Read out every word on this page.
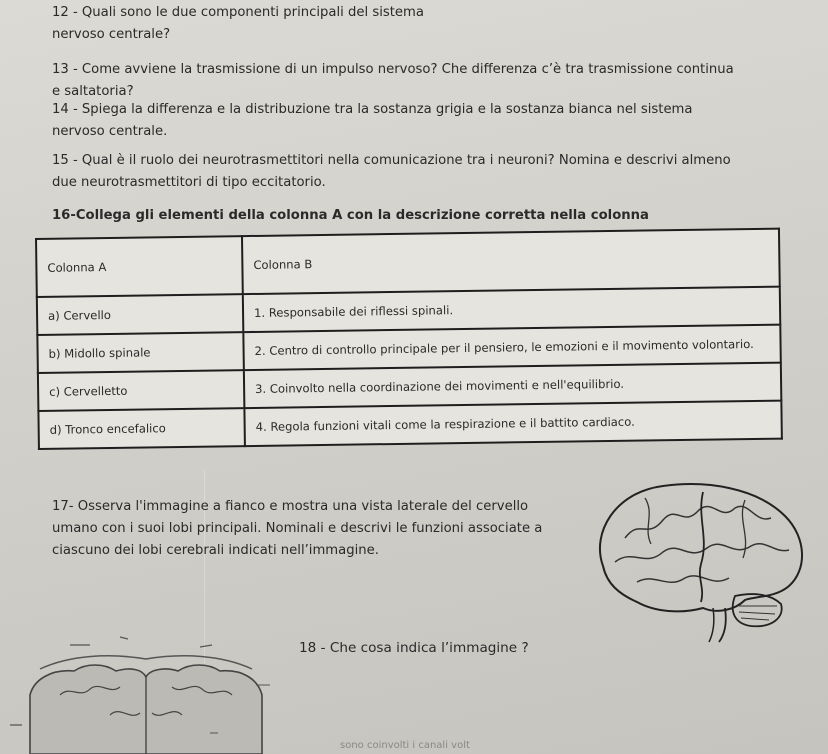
12 - Quali sono le due componenti principali del sistema
nervoso centrale?
13 - Come avviene la trasmissione di un impulso nervoso? Che differenza c’è tra trasmissione continua
e saltatoria?
14 - Spiega la differenza e la distribuzione tra la sostanza grigia e la sostanza bianca nel sistema
nervoso centrale.
15 - Qual è il ruolo dei neurotrasmettitori nella comunicazione tra i neuroni? Nomina e descrivi almeno
due neurotrasmettitori di tipo eccitatorio.

16-Collega gli elementi della colonna A con la descrizione corretta nella colonna

Colonna A	Colonna B
a) Cervello	1. Responsabile dei riflessi spinali.
b) Midollo spinale	2. Centro di controllo principale per il pensiero, le emozioni e il movimento volontario.
c) Cervelletto	3. Coinvolto nella coordinazione dei movimenti e nell'equilibrio.
d) Tronco encefalico	4. Regola funzioni vitali come la respirazione e il battito cardiaco.
17- Osserva l'immagine a fianco e mostra una vista laterale del cervello
umano con i suoi lobi principali. Nominali e descrivi le funzioni associate a
ciascuno dei lobi cerebrali indicati nell’immagine.

18 - Che cosa indica l’immagine ?

sono coinvolti i canali volt
